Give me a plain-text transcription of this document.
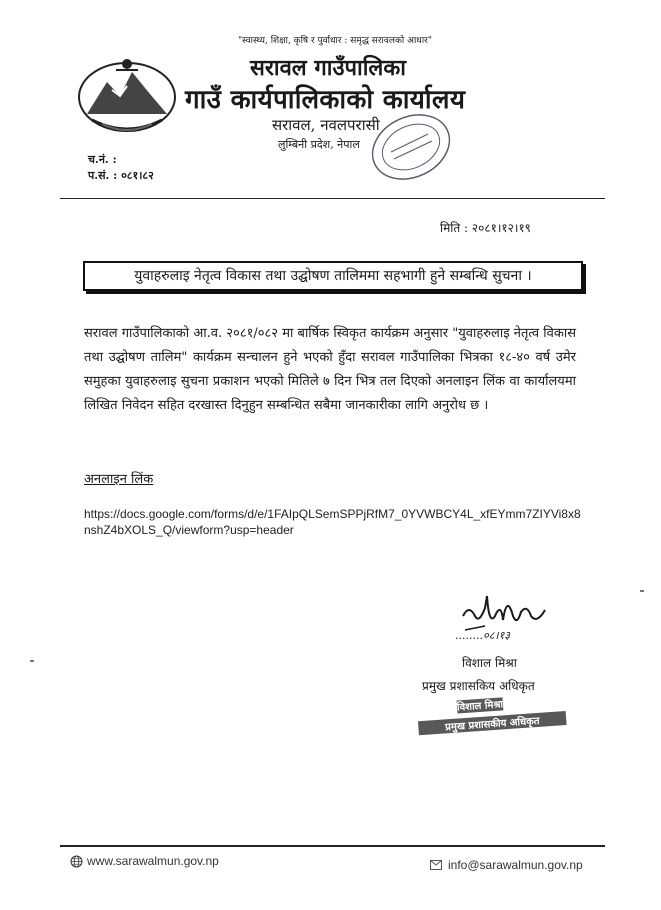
"स्वास्थ्य, शिक्षा, कृषि र पुर्वाधार : समृद्ध सरावलको आधार"
सरावल गाउँपालिका
गाउँ कार्यपालिकाको कार्यालय
सरावल, नवलपरासी
लुम्बिनी प्रदेश, नेपाल
च.नं. :
प.सं. : ०८१।८२
मिति : २०८१।१२।१९
युवाहरुलाइ नेतृत्व विकास तथा उद्घोषण तालिममा सहभागी हुने सम्बन्धि सुचना ।
सरावल गाउँपालिकाको आ.व. २०८१/०८२ मा बार्षिक स्विकृत कार्यक्रम अनुसार "युवाहरुलाइ नेतृत्व विकास तथा उद्घोषण तालिम" कार्यक्रम सन्चालन हुने भएको हुँदा सरावल गाउँपालिका भित्रका १८-४० वर्ष उमेर समुहका युवाहरुलाइ सुचना प्रकाशन भएको मितिले ७ दिन भित्र तल दिएको अनलाइन लिंक वा कार्यालयमा लिखित निवेदन सहित दरखास्त दिनुहुन सम्बन्धित सबैमा जानकारीका लागि अनुरोध छ ।
अनलाइन लिंक
https://docs.google.com/forms/d/e/1FAIpQLSemSPPjRfM7_0YVWBCY4L_xfEYmm7ZIYVi8x8nshZ4bXOLS_Q/viewform?usp=header
........०८।१३
विशाल मिश्रा
प्रमुख प्रशासकिय अधिकृत
विशाल मिश्रा
प्रमुख प्रशासकीय अधिकृत
www.sarawalmun.gov.np	info@sarawalmun.gov.np
